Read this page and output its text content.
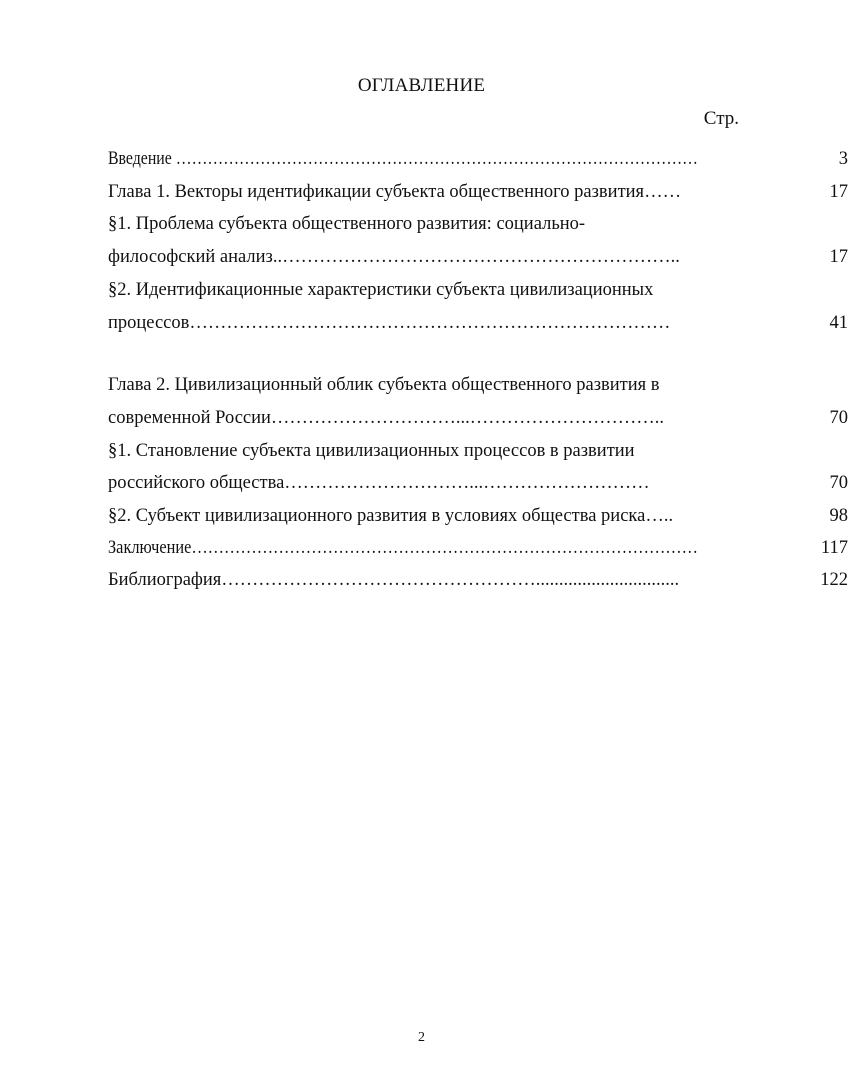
ОГЛАВЛЕНИЕ
Стр.
Введение ………………………………………………………………………………………	3
Глава 1. Векторы идентификации субъекта общественного развития……	17
§1. Проблема субъекта общественного развития: социально-
философский анализ..………………………………………………………..	17
§2. Идентификационные характеристики субъекта цивилизационных
процессов……………………………………………………………………	41
Глава 2. Цивилизационный облик субъекта общественного развития в
современной России…………………………...…………………………..	70
§1. Становление субъекта цивилизационных процессов в развитии
российского общества…………………………...………………………	70
§2. Субъект цивилизационного развития в условиях общества риска…..	98
Заключение…………………………………………………………………………………	117
Библиография……………………………………………...............................	122
2
